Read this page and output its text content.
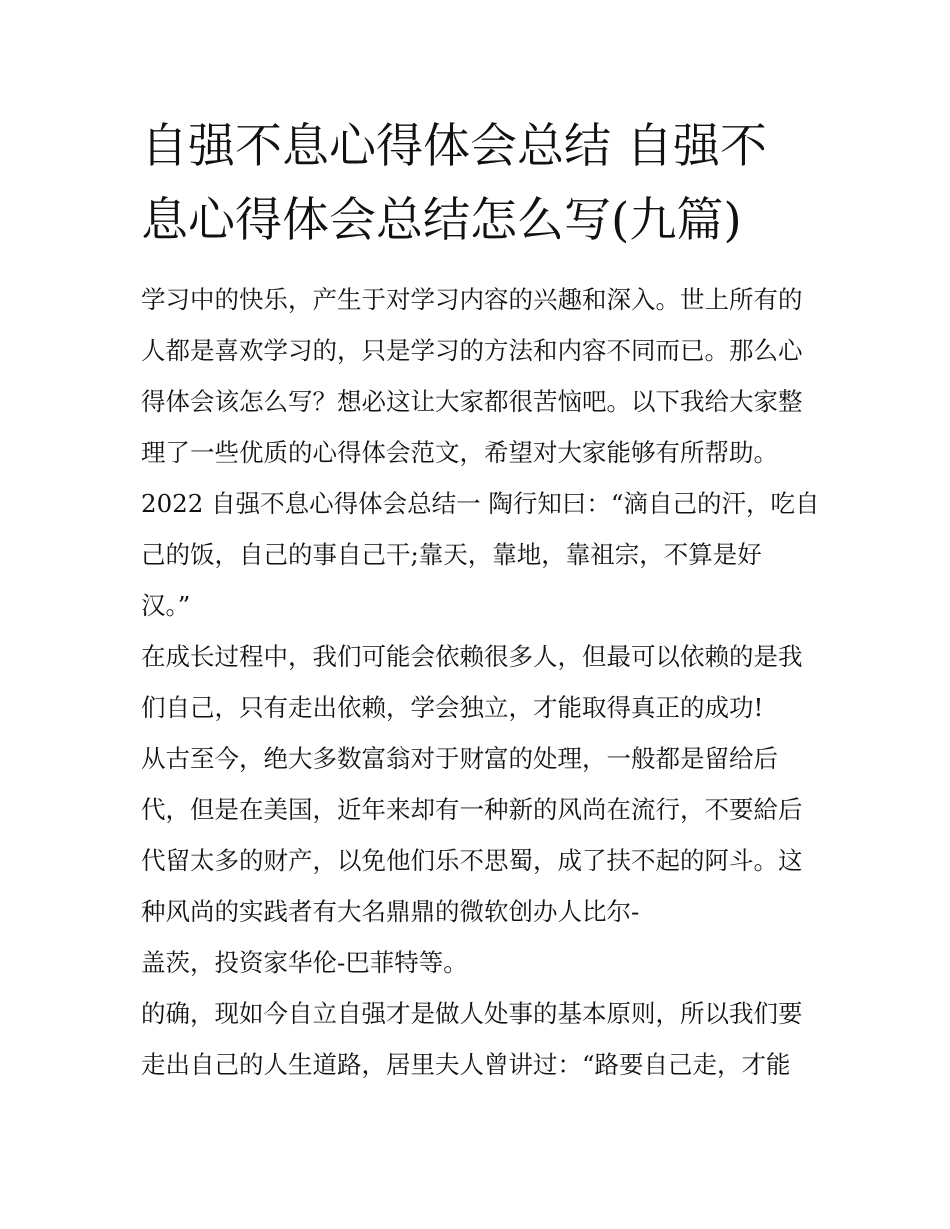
自强不息心得体会总结 自强不
息心得体会总结怎么写(九篇)

学习中的快乐，产生于对学习内容的兴趣和深入。世上所有的
人都是喜欢学习的，只是学习的方法和内容不同而已。那么心
得体会该怎么写？想必这让大家都很苦恼吧。以下我给大家整
理了一些优质的心得体会范文，希望对大家能够有所帮助。

2022 自强不息心得体会总结一 陶行知曰：“滴自己的汗，吃自
己的饭，自己的事自己干;靠天，靠地，靠祖宗，不算是好
汉。”

在成长过程中，我们可能会依赖很多人，但最可以依赖的是我
们自己，只有走出依赖，学会独立，才能取得真正的成功!

从古至今，绝大多数富翁对于财富的处理，一般都是留给后
代，但是在美国，近年来却有一种新的风尚在流行，不要給后
代留太多的财产，以免他们乐不思蜀，成了扶不起的阿斗。这
种风尚的实践者有大名鼎鼎的微软创办人比尔-
盖茨，投资家华伦-巴菲特等。

的确，现如今自立自强才是做人处事的基本原则，所以我们要
走出自己的人生道路，居里夫人曾讲过：“路要自己走，才能
